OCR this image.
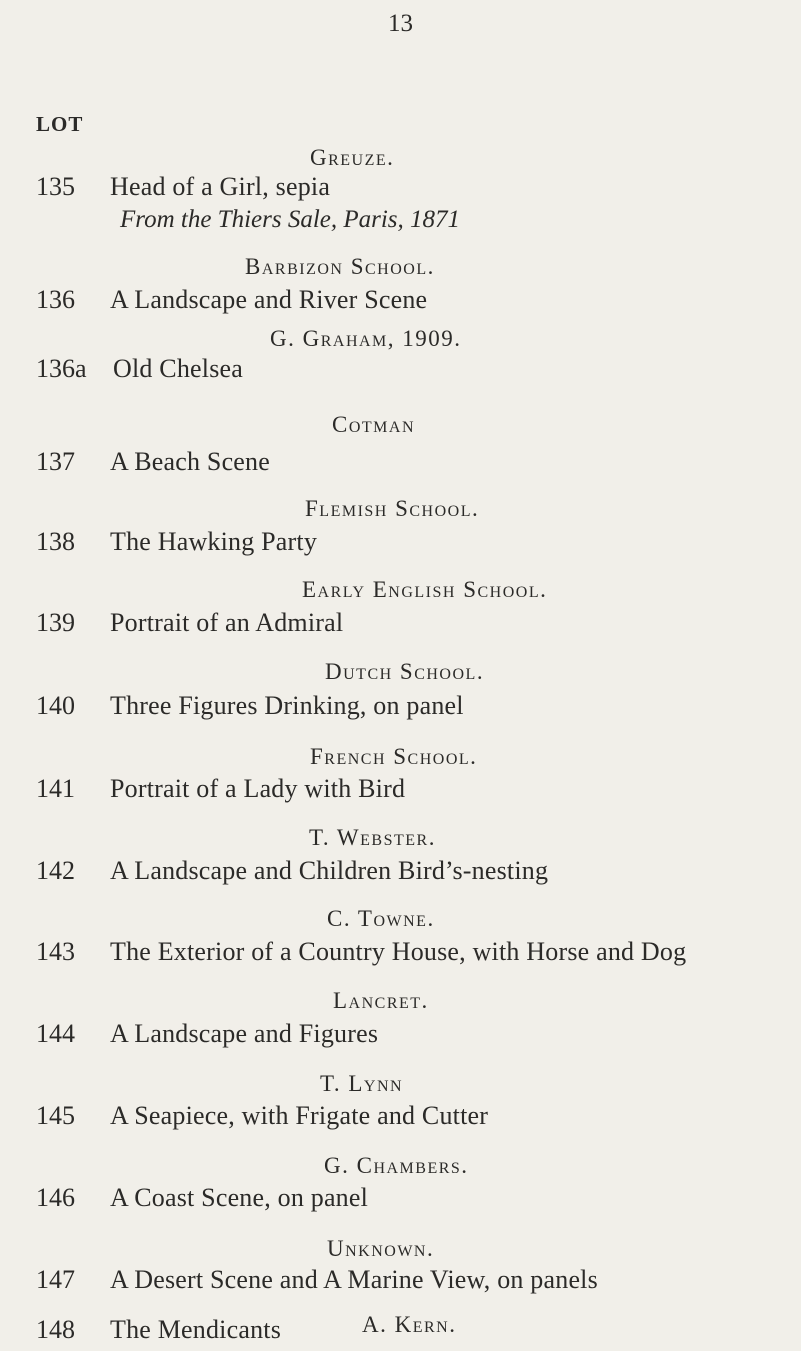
13
LOT
Greuze.
135 Head of a Girl, sepia
From the Thiers Sale, Paris, 1871
Barbizon School.
136 A Landscape and River Scene
G. Graham, 1909.
136a Old Chelsea
Cotman
137 A Beach Scene
Flemish School.
138 The Hawking Party
Early English School.
139 Portrait of an Admiral
Dutch School.
140 Three Figures Drinking, on panel
French School.
141 Portrait of a Lady with Bird
T. Webster.
142 A Landscape and Children Bird’s-nesting
C. Towne.
143 The Exterior of a Country House, with Horse and Dog
Lancret.
144 A Landscape and Figures
T. Lynn
145 A Seapiece, with Frigate and Cutter
G. Chambers.
146 A Coast Scene, on panel
Unknown.
147 A Desert Scene and A Marine View, on panels
A. Kern.
148 The Mendicants
